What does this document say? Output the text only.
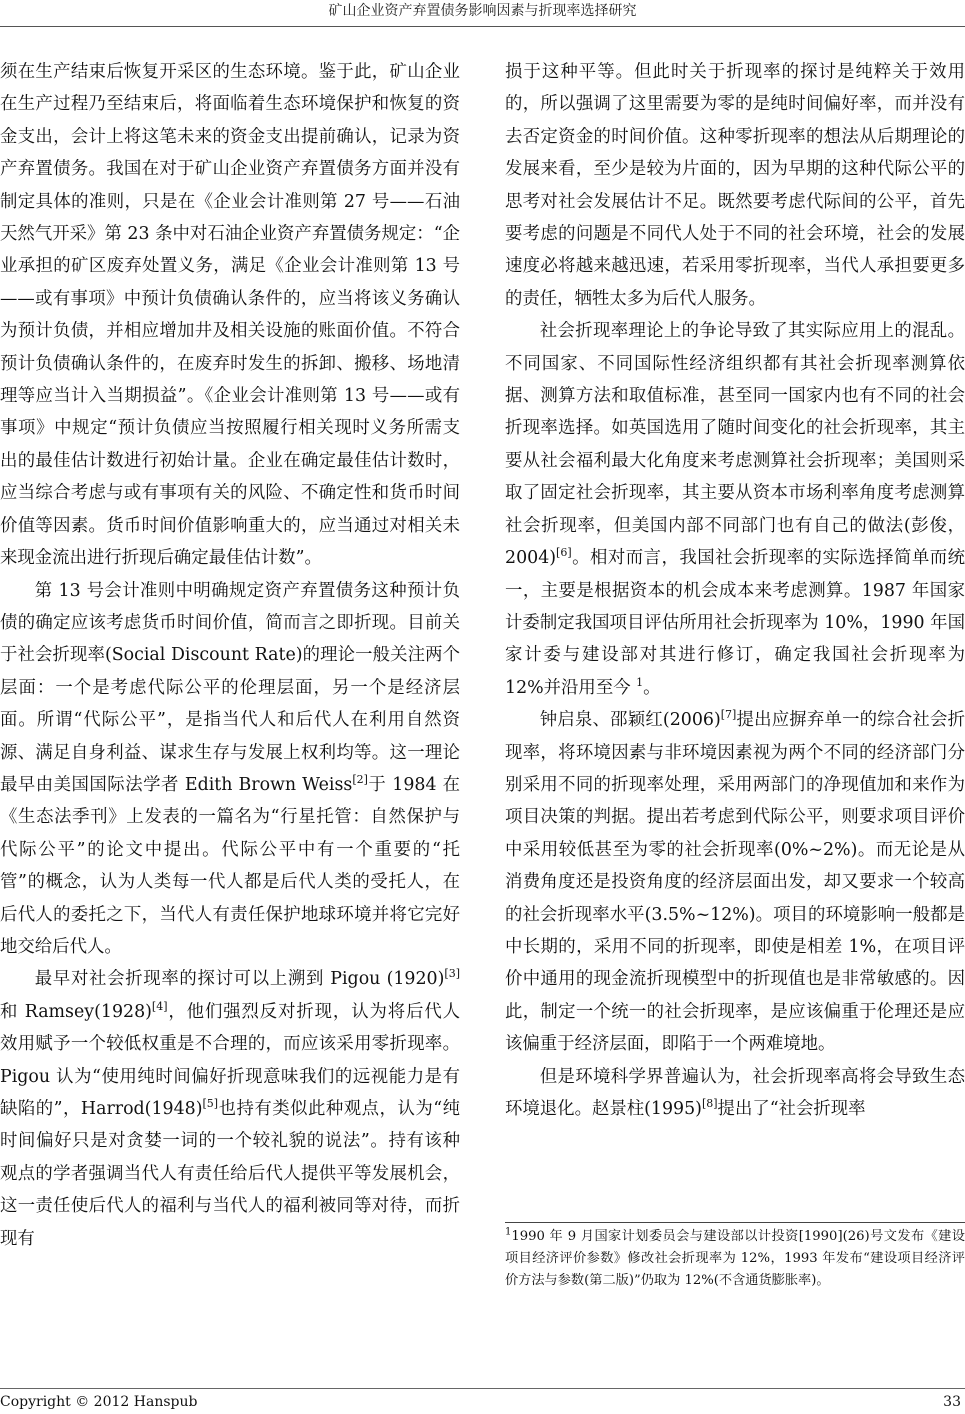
矿山企业资产弃置债务影响因素与折现率选择研究

须在生产结束后恢复开采区的生态环境。鉴于此，矿山企业在生产过程乃至结束后，将面临着生态环境保护和恢复的资金支出，会计上将这笔未来的资金支出提前确认，记录为资产弃置债务。我国在对于矿山企业资产弃置债务方面并没有制定具体的准则，只是在《企业会计准则第 27 号——石油天然气开采》第 23 条中对石油企业资产弃置债务规定：“企业承担的矿区废弃处置义务，满足《企业会计准则第 13 号——或有事项》中预计负债确认条件的，应当将该义务确认为预计负债，并相应增加井及相关设施的账面价值。不符合预计负债确认条件的，在废弃时发生的拆卸、搬移、场地清理等应当计入当期损益”。《企业会计准则第 13 号——或有事项》中规定“预计负债应当按照履行相关现时义务所需支出的最佳估计数进行初始计量。企业在确定最佳估计数时，应当综合考虑与或有事项有关的风险、不确定性和货币时间价值等因素。货币时间价值影响重大的，应当通过对相关未来现金流出进行折现后确定最佳估计数”。

第 13 号会计准则中明确规定资产弃置债务这种预计负债的确定应该考虑货币时间价值，简而言之即折现。目前关于社会折现率(Social Discount Rate)的理论一般关注两个层面：一个是考虑代际公平的伦理层面，另一个是经济层面。所谓“代际公平”，是指当代人和后代人在利用自然资源、满足自身利益、谋求生存与发展上权利均等。这一理论最早由美国国际法学者 Edith Brown Weiss[2]于 1984 在《生态法季刊》上发表的一篇名为“行星托管：自然保护与代际公平”的论文中提出。代际公平中有一个重要的“托管”的概念，认为人类每一代人都是后代人类的受托人，在后代人的委托之下，当代人有责任保护地球环境并将它完好地交给后代人。

最早对社会折现率的探讨可以上溯到 Pigou (1920)[3]和 Ramsey(1928)[4]，他们强烈反对折现，认为将后代人效用赋予一个较低权重是不合理的，而应该采用零折现率。Pigou 认为“使用纯时间偏好折现意味我们的远视能力是有缺陷的”，Harrod(1948)[5]也持有类似此种观点，认为“纯时间偏好只是对贪婪一词的一个较礼貌的说法”。持有该种观点的学者强调当代人有责任给后代人提供平等发展机会，这一责任使后代人的福利与当代人的福利被同等对待，而折现有

损于这种平等。但此时关于折现率的探讨是纯粹关于效用的，所以强调了这里需要为零的是纯时间偏好率，而并没有去否定资金的时间价值。这种零折现率的想法从后期理论的发展来看，至少是较为片面的，因为早期的这种代际公平的思考对社会发展估计不足。既然要考虑代际间的公平，首先要考虑的问题是不同代人处于不同的社会环境，社会的发展速度必将越来越迅速，若采用零折现率，当代人承担要更多的责任，牺牲太多为后代人服务。

社会折现率理论上的争论导致了其实际应用上的混乱。不同国家、不同国际性经济组织都有其社会折现率测算依据、测算方法和取值标准，甚至同一国家内也有不同的社会折现率选择。如英国选用了随时间变化的社会折现率，其主要从社会福利最大化角度来考虑测算社会折现率；美国则采取了固定社会折现率，其主要从资本市场利率角度考虑测算社会折现率，但美国内部不同部门也有自己的做法(彭俊，2004)[6]。相对而言，我国社会折现率的实际选择简单而统一，主要是根据资本的机会成本来考虑测算。1987 年国家计委制定我国项目评估所用社会折现率为 10%，1990 年国家计委与建设部对其进行修订，确定我国社会折现率为 12%并沿用至今 $^1$。

钟启泉、邵颖红(2006)[7]提出应摒弃单一的综合社会折现率，将环境因素与非环境因素视为两个不同的经济部门分别采用不同的折现率处理，采用两部门的净现值加和来作为项目决策的判据。提出若考虑到代际公平，则要求项目评价中采用较低甚至为零的社会折现率(0%~2%)。而无论是从消费角度还是投资角度的经济层面出发，却又要求一个较高的社会折现率水平(3.5%~12%)。项目的环境影响一般都是中长期的，采用不同的折现率，即使是相差 1%，在项目评价中通用的现金流折现模型中的折现值也是非常敏感的。因此，制定一个统一的社会折现率，是应该偏重于伦理还是应该偏重于经济层面，即陷于一个两难境地。

但是环境科学界普遍认为，社会折现率高将会导致生态环境退化。赵景柱(1995)[8]提出了“社会折现率

$^1$1990 年 9 月国家计划委员会与建设部以计投资[1990](26)号文发布《建设项目经济评价参数》修改社会折现率为 12%，1993 年发布“建设项目经济评价方法与参数(第二版)”仍取为 12%(不含通货膨胀率)。
Copyright © 2012 Hanspub	33
